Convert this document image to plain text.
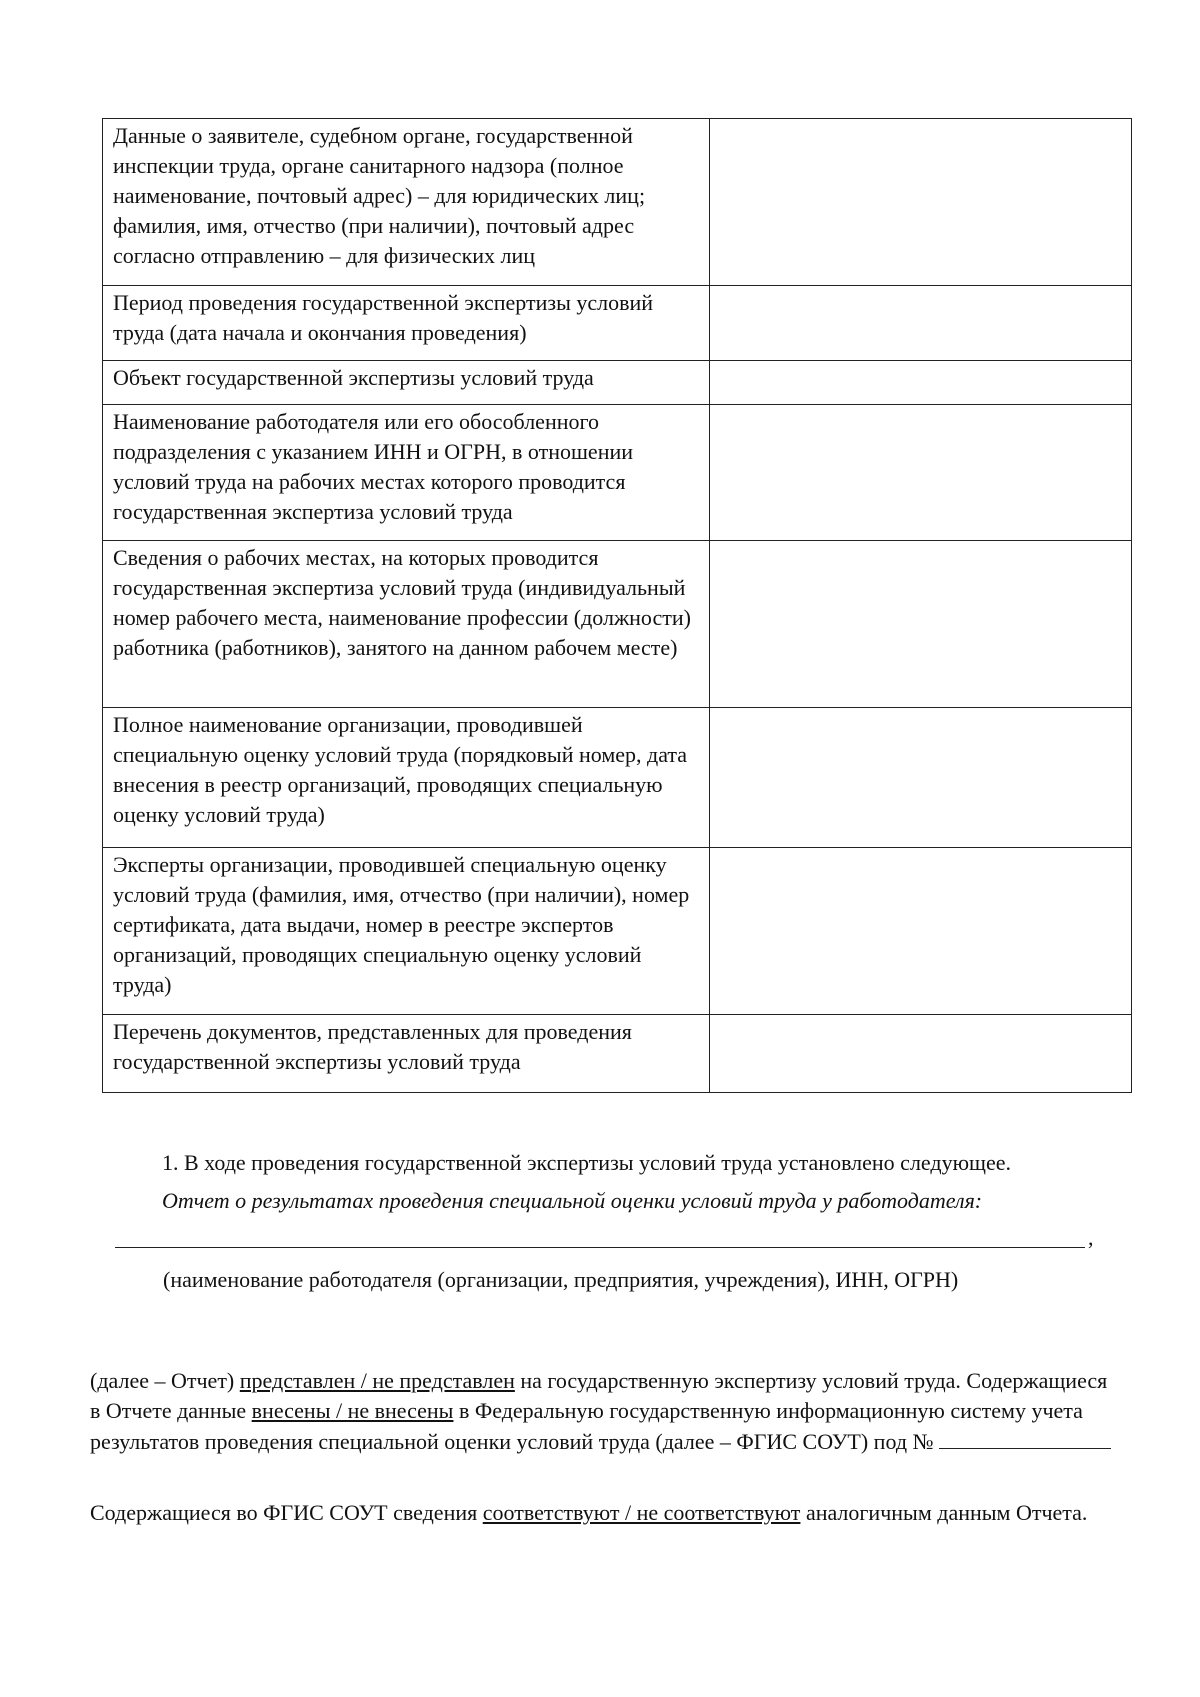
Данные о заявителе, судебном органе, государственной инспекции труда, органе санитарного надзора (полное наименование, почтовый адрес) – для юридических лиц; фамилия, имя, отчество (при наличии), почтовый адрес согласно отправлению – для физических лиц	
Период проведения государственной экспертизы условий труда (дата начала и окончания проведения)	
Объект государственной экспертизы условий труда	
Наименование работодателя или его обособленного подразделения с указанием ИНН и ОГРН, в отношении условий труда на рабочих местах которого проводится государственная экспертиза условий труда	
Сведения о рабочих местах, на которых проводится государственная экспертиза условий труда (индивидуальный номер рабочего места, наименование профессии (должности) работника (работников), занятого на данном рабочем месте)	
Полное наименование организации, проводившей специальную оценку условий труда (порядковый номер, дата внесения в реестр организаций, проводящих специальную оценку условий труда)	
Эксперты организации, проводившей специальную оценку условий труда (фамилия, имя, отчество (при наличии), номер сертификата, дата выдачи, номер в реестре экспертов организаций, проводящих специальную оценку условий труда)	
Перечень документов, представленных для проведения государственной экспертизы условий труда	
1. В ходе проведения государственной экспертизы условий труда установлено следующее.
Отчет о результатах проведения специальной оценки условий труда у работодателя:
,
(наименование работодателя (организации, предприятия, учреждения), ИНН, ОГРН)
(далее – Отчет) представлен / не представлен на государственную экспертизу условий труда. Содержащиеся в Отчете данные внесены / не внесены в Федеральную государственную информационную систему учета результатов проведения специальной оценки условий труда (далее – ФГИС СОУТ) под №
Содержащиеся во ФГИС СОУТ сведения соответствуют / не соответствуют аналогичным данным Отчета.
